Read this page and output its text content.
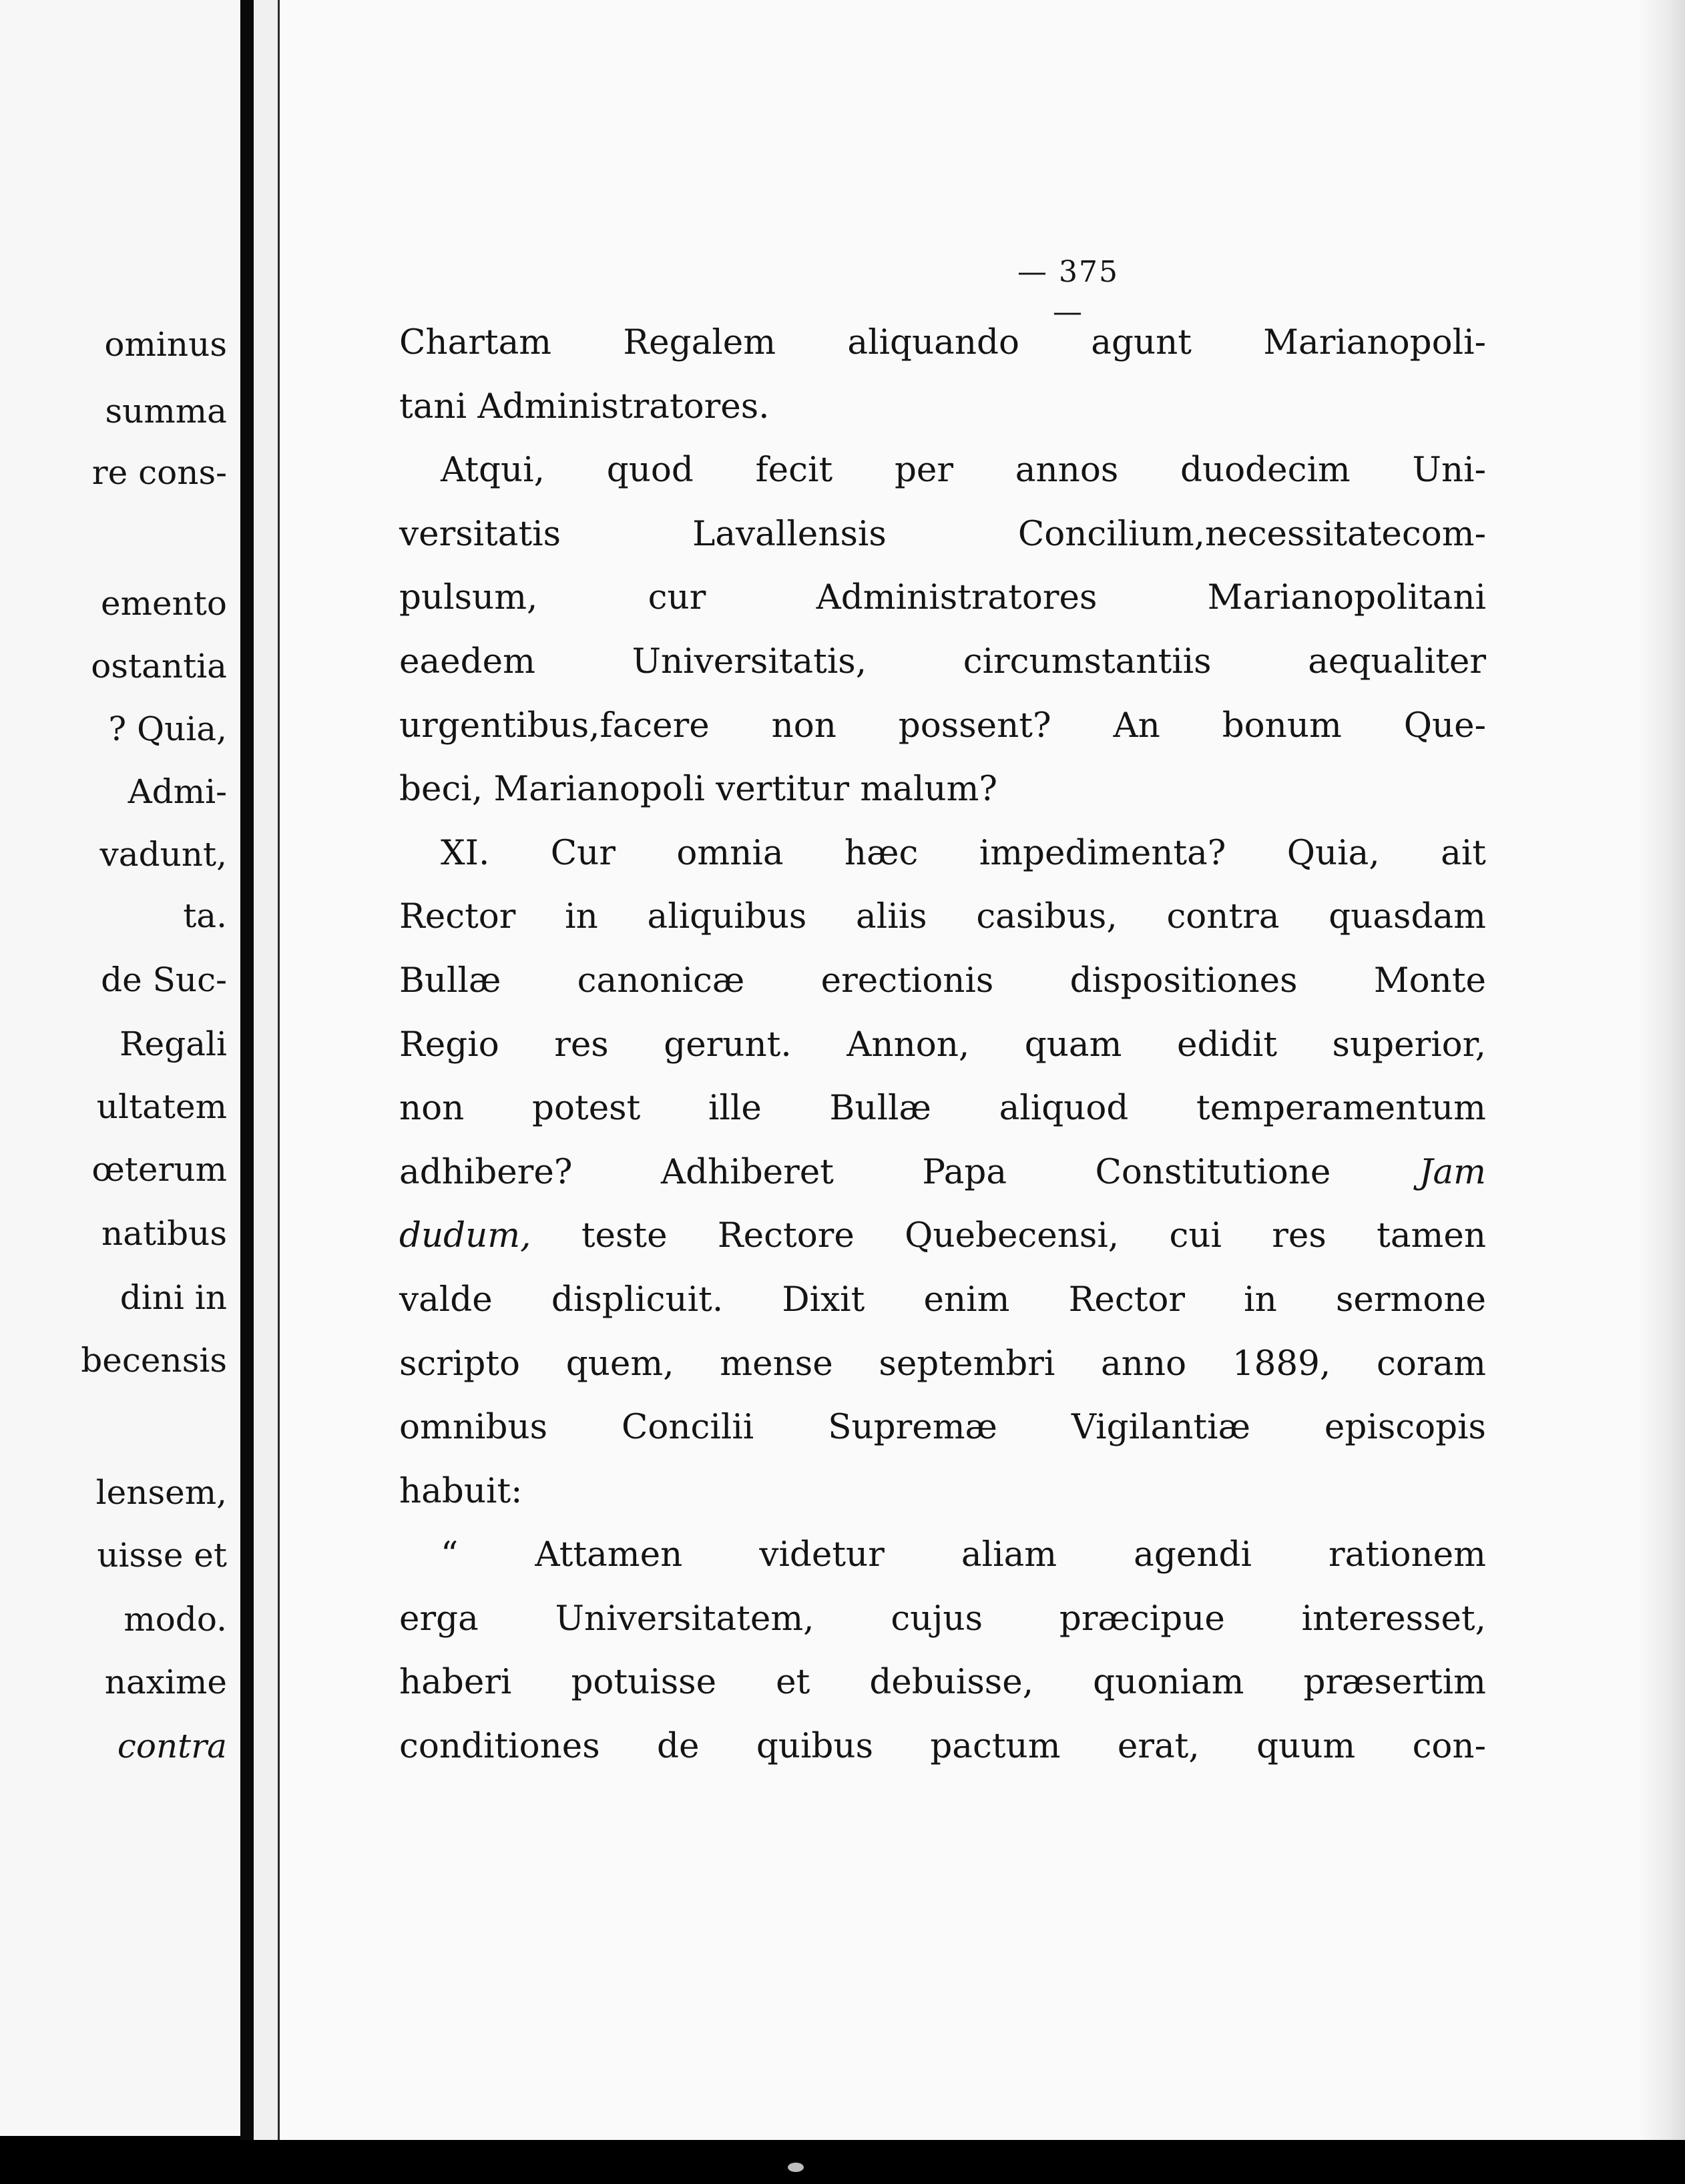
ominus
summa
re cons-
emento
ostantia
? Quia,
Admi-
vadunt,
ta.
de Suc-
Regali
ultatem
œterum
natibus
dini in
becensis
lensem,
uisse et
modo.
naxime
contra
— 375 —
Chartam Regalem aliquando agunt Marianopoli-
tani Administratores.
Atqui, quod fecit per annos duodecim Uni-
versitatis Lavallensis Concilium,necessitatecom-
pulsum, cur Administratores Marianopolitani
eaedem Universitatis, circumstantiis aequaliter
urgentibus,facere non possent? An bonum Que-
beci, Marianopoli vertitur malum?
XI. Cur omnia hæc impedimenta? Quia, ait
Rector in aliquibus aliis casibus, contra quasdam
Bullæ canonicæ erectionis dispositiones Monte
Regio res gerunt. Annon, quam edidit superior,
non potest ille Bullæ aliquod temperamentum
adhibere? Adhiberet Papa Constitutione	Jam
dudum, teste Rectore Quebecensi, cui res tamen
valde displicuit. Dixit enim Rector in sermone
scripto quem, mense septembri anno 1889, coram
omnibus Concilii Supremæ Vigilantiæ episcopis
habuit:
“ Attamen videtur aliam agendi rationem
erga Universitatem, cujus præcipue interesset,
haberi potuisse et debuisse, quoniam præsertim
conditiones de quibus pactum erat, quum con-
